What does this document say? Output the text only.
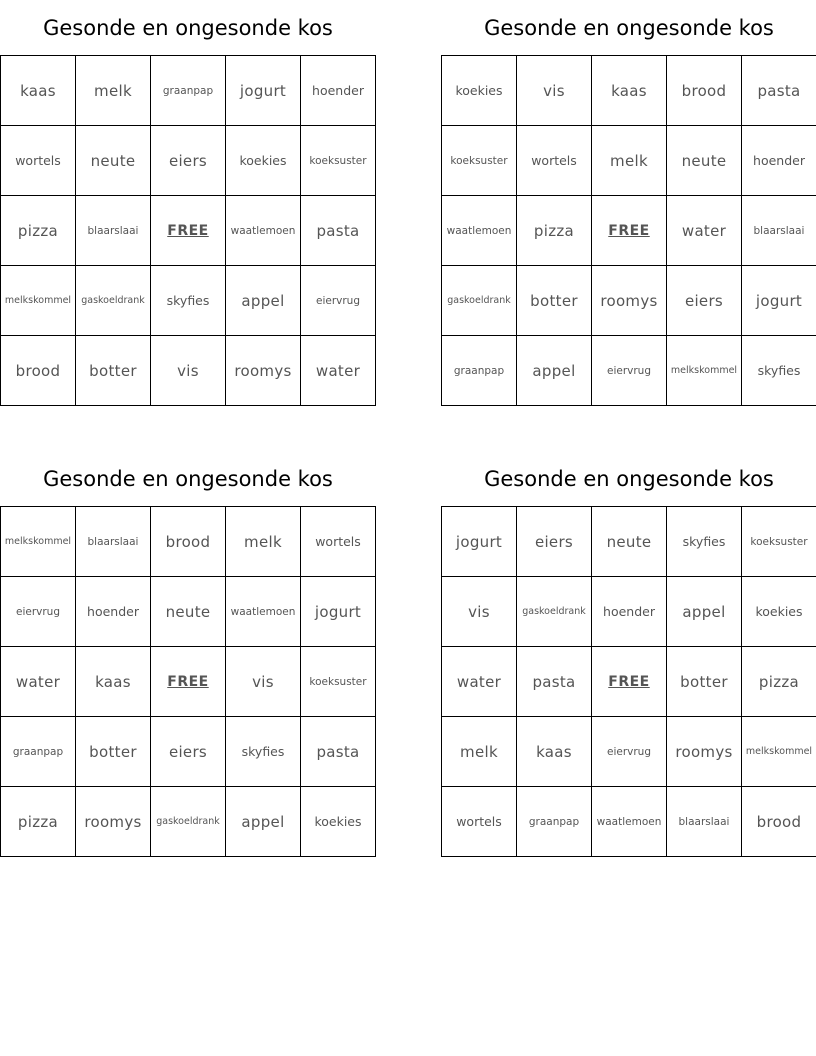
Gesonde en ongesonde kos
kaas	melk	graanpap	jogurt	hoender
wortels	neute	eiers	koekies	koeksuster
pizza	blaarslaai	FREE	waatlemoen	pasta
melkskommel	gaskoeldrank	skyfies	appel	eiervrug
brood	botter	vis	roomys	water
Gesonde en ongesonde kos
koekies	vis	kaas	brood	pasta
koeksuster	wortels	melk	neute	hoender
waatlemoen	pizza	FREE	water	blaarslaai
gaskoeldrank	botter	roomys	eiers	jogurt
graanpap	appel	eiervrug	melkskommel	skyfies
Gesonde en ongesonde kos
melkskommel	blaarslaai	brood	melk	wortels
eiervrug	hoender	neute	waatlemoen	jogurt
water	kaas	FREE	vis	koeksuster
graanpap	botter	eiers	skyfies	pasta
pizza	roomys	gaskoeldrank	appel	koekies
Gesonde en ongesonde kos
jogurt	eiers	neute	skyfies	koeksuster
vis	gaskoeldrank	hoender	appel	koekies
water	pasta	FREE	botter	pizza
melk	kaas	eiervrug	roomys	melkskommel
wortels	graanpap	waatlemoen	blaarslaai	brood
